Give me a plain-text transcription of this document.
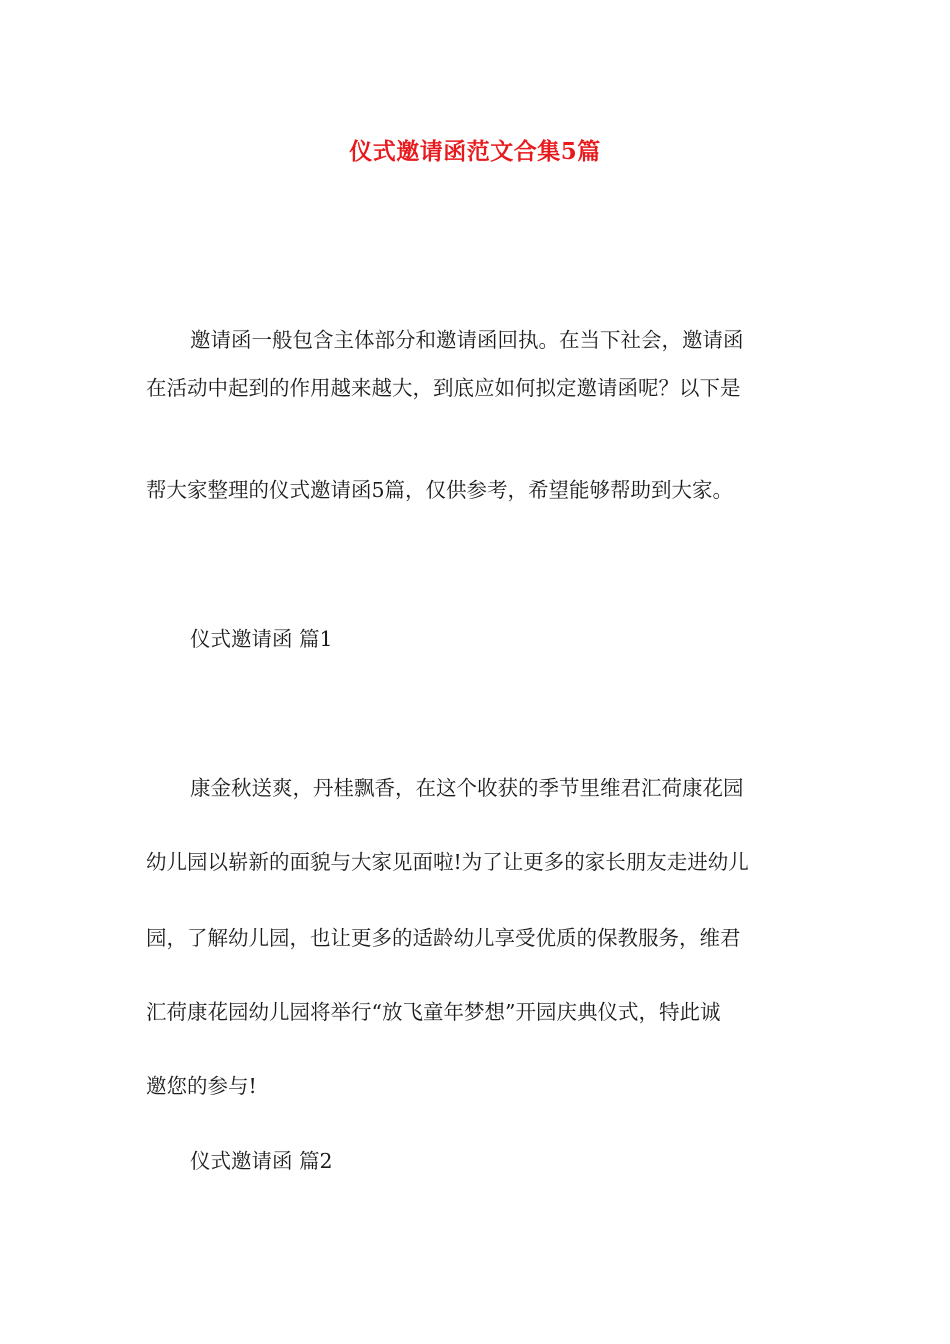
仪式邀请函范文合集5篇

邀请函一般包含主体部分和邀请函回执。在当下社会，邀请函

在活动中起到的作用越来越大，到底应如何拟定邀请函呢？以下是

帮大家整理的仪式邀请函5篇，仅供参考，希望能够帮助到大家。

仪式邀请函 篇1

康金秋送爽，丹桂飘香，在这个收获的季节里维君汇荷康花园

幼儿园以崭新的面貌与大家见面啦!为了让更多的家长朋友走进幼儿

园，了解幼儿园，也让更多的适龄幼儿享受优质的保教服务，维君

汇荷康花园幼儿园将举行“放飞童年梦想”开园庆典仪式，特此诚

邀您的参与!

仪式邀请函 篇2
